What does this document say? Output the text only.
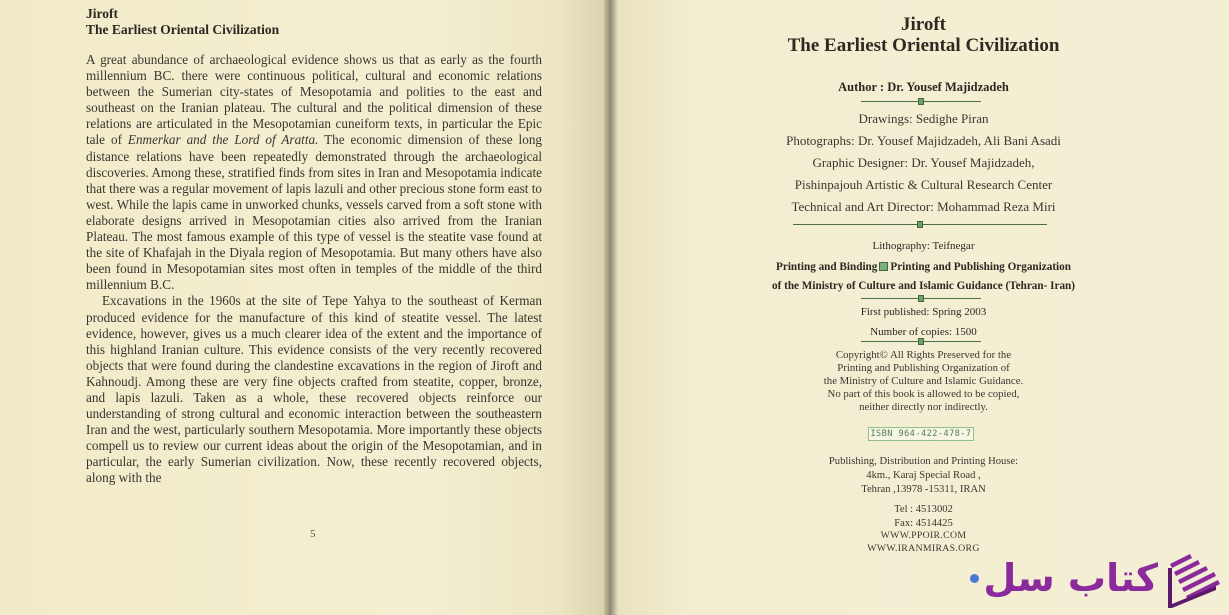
Jiroft
The Earliest Oriental Civilization

A great abundance of archaeological evidence shows us that as early as the fourth millennium BC. there were continuous political, cultural and economic relations between the Sumerian city-states of Mesopotamia and polities to the east and southeast on the Iranian plateau. The cultural and the political dimension of these relations are articulated in the Mesopotamian cuneiform texts, in particular the Epic tale of Enmerkar and the Lord of Aratta. The economic dimension of these long distance relations have been repeatedly demonstrated through the archaeological discoveries. Among these, stratified finds from sites in Iran and Mesopotamia indicate that there was a regular movement of lapis lazuli and other precious stone form east to west. While the lapis came in unworked chunks, vessels carved from a soft stone with elaborate designs arrived in Mesopotamian cities also arrived from the Iranian Plateau. The most famous example of this type of vessel is the steatite vase found at the site of Khafajah in the Diyala region of Mesopotamia. But many others have also been found in Mesopotamian sites most often in temples of the middle of the third millennium B.C.

Excavations in the 1960s at the site of Tepe Yahya to the southeast of Kerman produced evidence for the manufacture of this kind of steatite vessel. The latest evidence, however, gives us a much clearer idea of the extent and the importance of this highland Iranian culture. This evidence consists of the very recently recovered objects that were found during the clandestine excavations in the region of Jiroft and Kahnoudj. Among these are very fine objects crafted from steatite, copper, bronze, and lapis lazuli. Taken as a whole, these recovered objects reinforce our understanding of strong cultural and economic interaction between the southeastern Iran and the west, particularly southern Mesopotamia. More importantly these objects compell us to review our current ideas about the origin of the Mesopotamian, and in particular, the early Sumerian civilization. Now, these recently recovered objects, along with the

5
Jiroft
The Earliest Oriental Civilization
Author : Dr. Yousef Majidzadeh
Drawings: Sedighe Piran
Photographs: Dr. Yousef Majidzadeh, Ali Bani Asadi
Graphic Designer: Dr. Yousef Majidzadeh,
Pishinpajouh Artistic & Cultural Research Center
Technical and Art Director: Mohammad Reza Miri
Lithography: Teifnegar
Printing and Binding Printing and Publishing Organization
of the Ministry of Culture and Islamic Guidance (Tehran- Iran)
First published: Spring 2003
Number of copies: 1500
Copyright© All Rights Preserved for the
Printing and Publishing Organization of
the Ministry of Culture and Islamic Guidance.
No part of this book is allowed to be copied,
neither directly nor indirectly.
ISBN 964-422-478-7
Publishing, Distribution and Printing House:
4km., Karaj Special Road ,
Tehran ,13978 -15311, IRAN
Tel : 4513002
Fax: 4514425
WWW.PPOIR.COM
WWW.IRANMIRAS.ORG
کتاب سل
